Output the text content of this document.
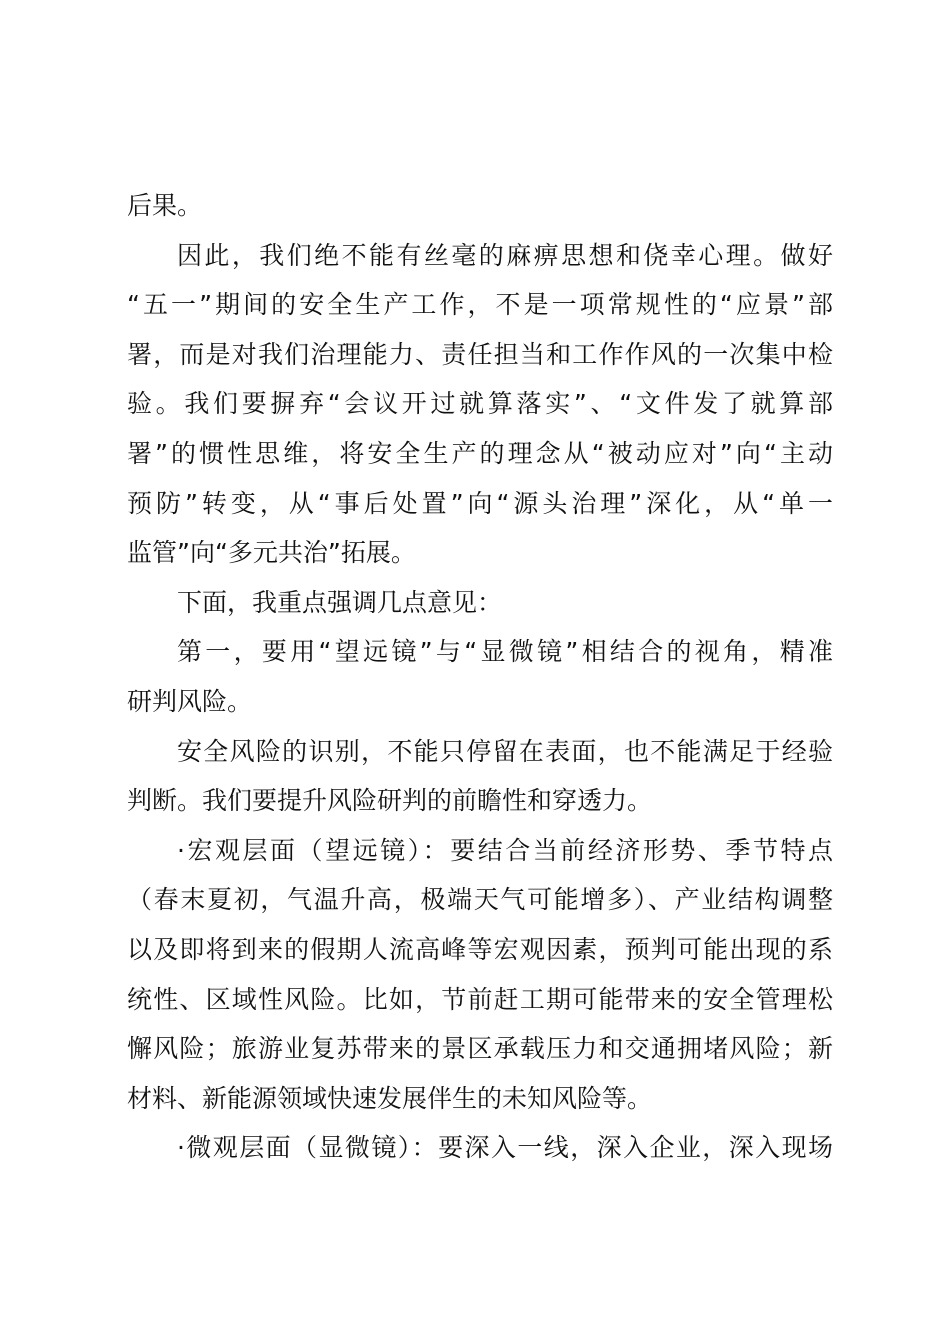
后果。
因此，我们绝不能有丝毫的麻痹思想和侥幸心理。做好
“五一”期间的安全生产工作，不是一项常规性的“应景”部
署，而是对我们治理能力、责任担当和工作作风的一次集中检
验。我们要摒弃“会议开过就算落实”、“文件发了就算部
署”的惯性思维，将安全生产的理念从“被动应对”向“主动
预防”转变，从“事后处置”向“源头治理”深化，从“单一
监管”向“多元共治”拓展。
下面，我重点强调几点意见：
第一，要用“望远镜”与“显微镜”相结合的视角，精准
研判风险。
安全风险的识别，不能只停留在表面，也不能满足于经验
判断。我们要提升风险研判的前瞻性和穿透力。
·宏观层面（望远镜）：要结合当前经济形势、季节特点
（春末夏初，气温升高，极端天气可能增多）、产业结构调整
以及即将到来的假期人流高峰等宏观因素，预判可能出现的系
统性、区域性风险。比如，节前赶工期可能带来的安全管理松
懈风险；旅游业复苏带来的景区承载压力和交通拥堵风险；新
材料、新能源领域快速发展伴生的未知风险等。
·微观层面（显微镜）：要深入一线，深入企业，深入现场
